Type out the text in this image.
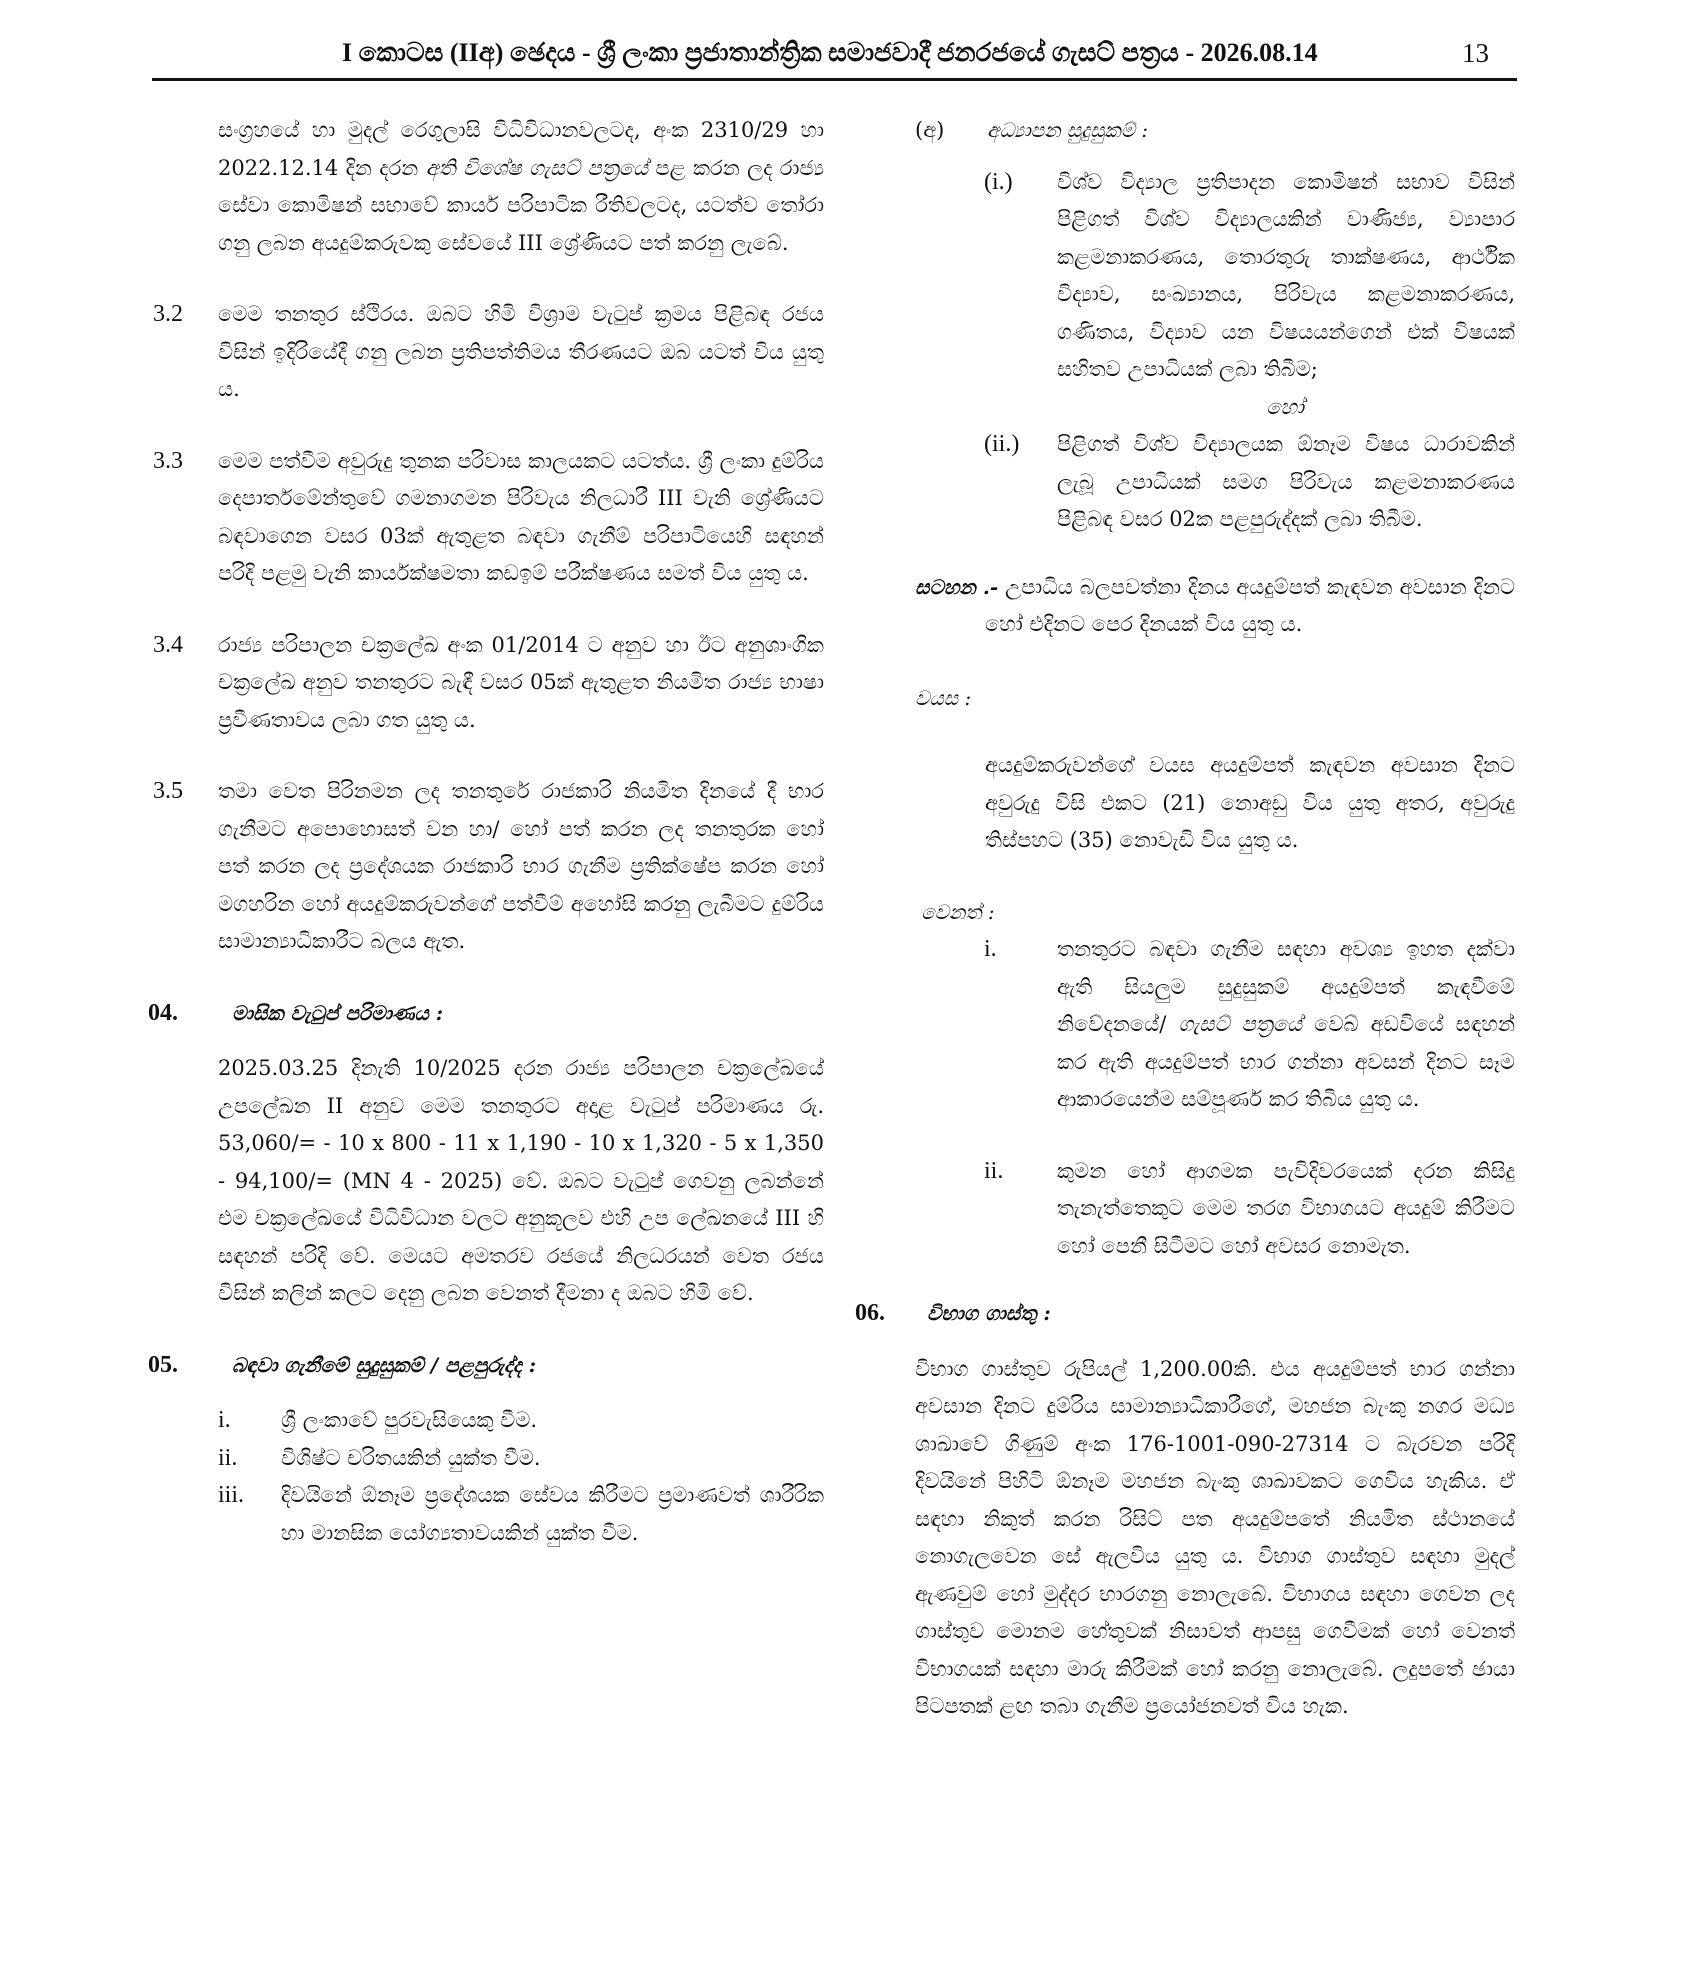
I කොටස (IIඅ) ඡෙදය - ශ්‍රී ලංකා ප්‍රජාතාන්ත්‍රික සමාජවාදී ජනරජයේ ගැසට් පත්‍රය - 2026.08.14	13

සංග්‍රහයේ හා මුදල් රෙගුලාසි විධිවිධානවලටද, අංක 2310/29 හා 2022.12.14 දින දරන අති විශේෂ ගැසට් පත්‍රයේ පළ කරන ලද රාජ්‍ය සේවා කොමිෂන් සභාවේ කාර්ය පරිපාටික රීතිවලටද, යටත්ව තෝරා ගනු ලබන අයදුම්කරුවකු සේවයේ III ශ්‍රේණියට පත් කරනු ලැබේ.

3.2 මෙම තනතුර ස්ථිරය. ඔබට හිමි විශ්‍රාම වැටුප් ක්‍රමය පිළිබඳ රජය විසින් ඉදිරියේදී ගනු ලබන ප්‍රතිපත්තිමය තීරණයට ඔබ යටත් විය යුතු ය.
3.3 මෙම පත්වීම අවුරුදු තුනක පරිවාස කාලයකට යටත්ය. ශ්‍රී ලංකා දුම්රිය දෙපාර්තමේන්තුවේ ගමනාගමන පිරිවැය නිලධාරී III වැනි ශ්‍රේණියට බඳවාගෙන වසර 03ක් ඇතුළත බඳවා ගැනීම් පරිපාටියෙහි සඳහන් පරිදි පළමු වැනි කාර්යක්ෂමතා කඩඉම් පරීක්ෂණය සමත් විය යුතු ය.
3.4 රාජ්‍ය පරිපාලන චක්‍රලේඛ අංක 01/2014 ට අනුව හා ඊට අනුශාංගික චක්‍රලේඛ අනුව තනතුරට බැඳී වසර 05ක් ඇතුළත නියමිත රාජ්‍ය භාෂා ප්‍රවීණතාවය ලබා ගත යුතු ය.
3.5 තමා වෙත පිරිනමන ලද තනතුරේ රාජකාරි නියමිත දිනයේ දී භාර ගැනීමට අපොහොසත් වන හා/ හෝ පත් කරන ලද තනතුරක හෝ පත් කරන ලද ප්‍රදේශයක රාජකාරි භාර ගැනීම ප්‍රතික්ෂේප කරන හෝ මගහරින හෝ අයදුම්කරුවන්ගේ පත්වීම් අහෝසි කරනු ලැබීමට දුම්රිය සාමාන්‍යාධිකාරීට බලය ඇත.
04.	මාසික වැටුප් පරිමාණය :

2025.03.25 දිනැති 10/2025 දරන රාජ්‍ය පරිපාලන චක්‍රලේඛයේ උපලේඛන II අනුව මෙම තනතුරට අදාළ වැටුප් පරිමාණය රු. 53,060/= - 10 x 800 - 11 x 1,190 - 10 x 1,320 - 5 x 1,350 - 94,100/= (MN 4 - 2025) වේ. ඔබට වැටුප් ගෙවනු ලබන්නේ එම චක්‍රලේඛයේ විධිවිධාන වලට අනුකූලව එහි උප ලේඛනයේ III හි සඳහන් පරිදි වේ. මෙයට අමතරව රජයේ නිලධරයන් වෙත රජය විසින් කලින් කලට දෙනු ලබන වෙනත් දීමනා ද ඔබට හිමි වේ.

05.	බඳවා ගැනීමේ සුදුසුකම් / පළපුරුද්ද :
i. ශ්‍රී ලංකාවේ පුරවැසියෙකු වීම.
ii. විශිෂ්ට චරිතයකින් යුක්ත වීම.
iii. දිවයිනේ ඕනෑම ප්‍රදේශයක සේවය කිරීමට ප්‍රමාණවත් ශාරීරික හා මානසික යෝග්‍යතාවයකින් යුක්ත වීම.
(අ) අධ්‍යාපන සුදුසුකම් :
(i.) විශ්ව විද්‍යාල ප්‍රතිපාදන කොමිෂන් සභාව විසින් පිළිගත් විශ්ව විද්‍යාලයකින් වාණිජ්‍ය, ව්‍යාපාර කළමනාකරණය, තොරතුරු තාක්ෂණය, ආර්ථික විද්‍යාව, සංඛ්‍යානය, පිරිවැය කළමනාකරණය, ගණිතය, විද්‍යාව යන විෂයයන්ගෙන් එක් විෂයක් සහිතව උපාධියක් ලබා තිබීම;
හෝ
(ii.) පිළිගත් විශ්ව විද්‍යාලයක ඕනෑම විෂය ධාරාවකින් ලැබූ උපාධියක් සමග පිරිවැය කළමනාකරණය පිළිබඳ වසර 02ක පළපුරුද්දක් ලබා තිබීම.

සටහන .- උපාධිය බලපවත්නා දිනය අයදුම්පත් කැඳවන අවසාන දිනට හෝ එදිනට පෙර දිනයක් විය යුතු ය.

වයස :

අයදුම්කරුවන්ගේ වයස අයදුම්පත් කැඳවන අවසාන දිනට අවුරුදු විසි එකට (21) නොඅඩු විය යුතු අතර, අවුරුදු තිස්පහට (35) නොවැඩි විය යුතු ය.

වෙනත් :
i.	තනතුරට බඳවා ගැනීම සඳහා අවශ්‍ය ඉහත දක්වා ඇති සියලුම සුදුසුකම් අයදුම්පත් කැඳවීමේ නිවේදනයේ/ ගැසට් පත්‍රයේ වෙබ් අඩවියේ සඳහන් කර ඇති අයදුම්පත් භාර ගන්නා අවසන් දිනට සෑම ආකාරයෙන්ම සම්පූර්ණ කර තිබිය යුතු ය.
ii.	කුමන හෝ ආගමක පැවිදිවරයෙක් දරන කිසිදු තැනැත්තෙකුට මෙම තරග විභාගයට අයදුම් කිරීමට හෝ පෙනී සිටීමට හෝ අවසර නොමැත.
06. විභාග ගාස්තු :

විභාග ගාස්තුව රුපියල් 1,200.00කි. එය අයදුම්පත් භාර ගන්නා අවසාන දිනට දුම්රිය සාමාන්‍යාධිකාරීගේ, මහජන බැංකු නගර මධ්‍ය ශාඛාවේ ගිණුම් අංක 176-1001-090-27314 ට බැරවන පරිදි දිවයිනේ පිහිටි ඕනෑම මහජන බැංකු ශාඛාවකට ගෙවිය හැකිය. ඒ සඳහා නිකුත් කරන රිසිට් පත අයදුම්පතේ නියමිත ස්ථානයේ නොගැලවෙන සේ ඇලවිය යුතු ය. විභාග ගාස්තුව සඳහා මුදල් ඇණවුම් හෝ මුද්දර භාරගනු නොලැබේ. විභාගය සඳහා ගෙවන ලද ගාස්තුව මොනම හේතුවක් නිසාවත් ආපසු ගෙවීමක් හෝ වෙනත් විභාගයක් සඳහා මාරු කිරීමක් හෝ කරනු නොලැබේ. ලදුපතේ ඡායා පිටපතක් ළඟ තබා ගැනීම ප්‍රයෝජනවත් විය හැක.
